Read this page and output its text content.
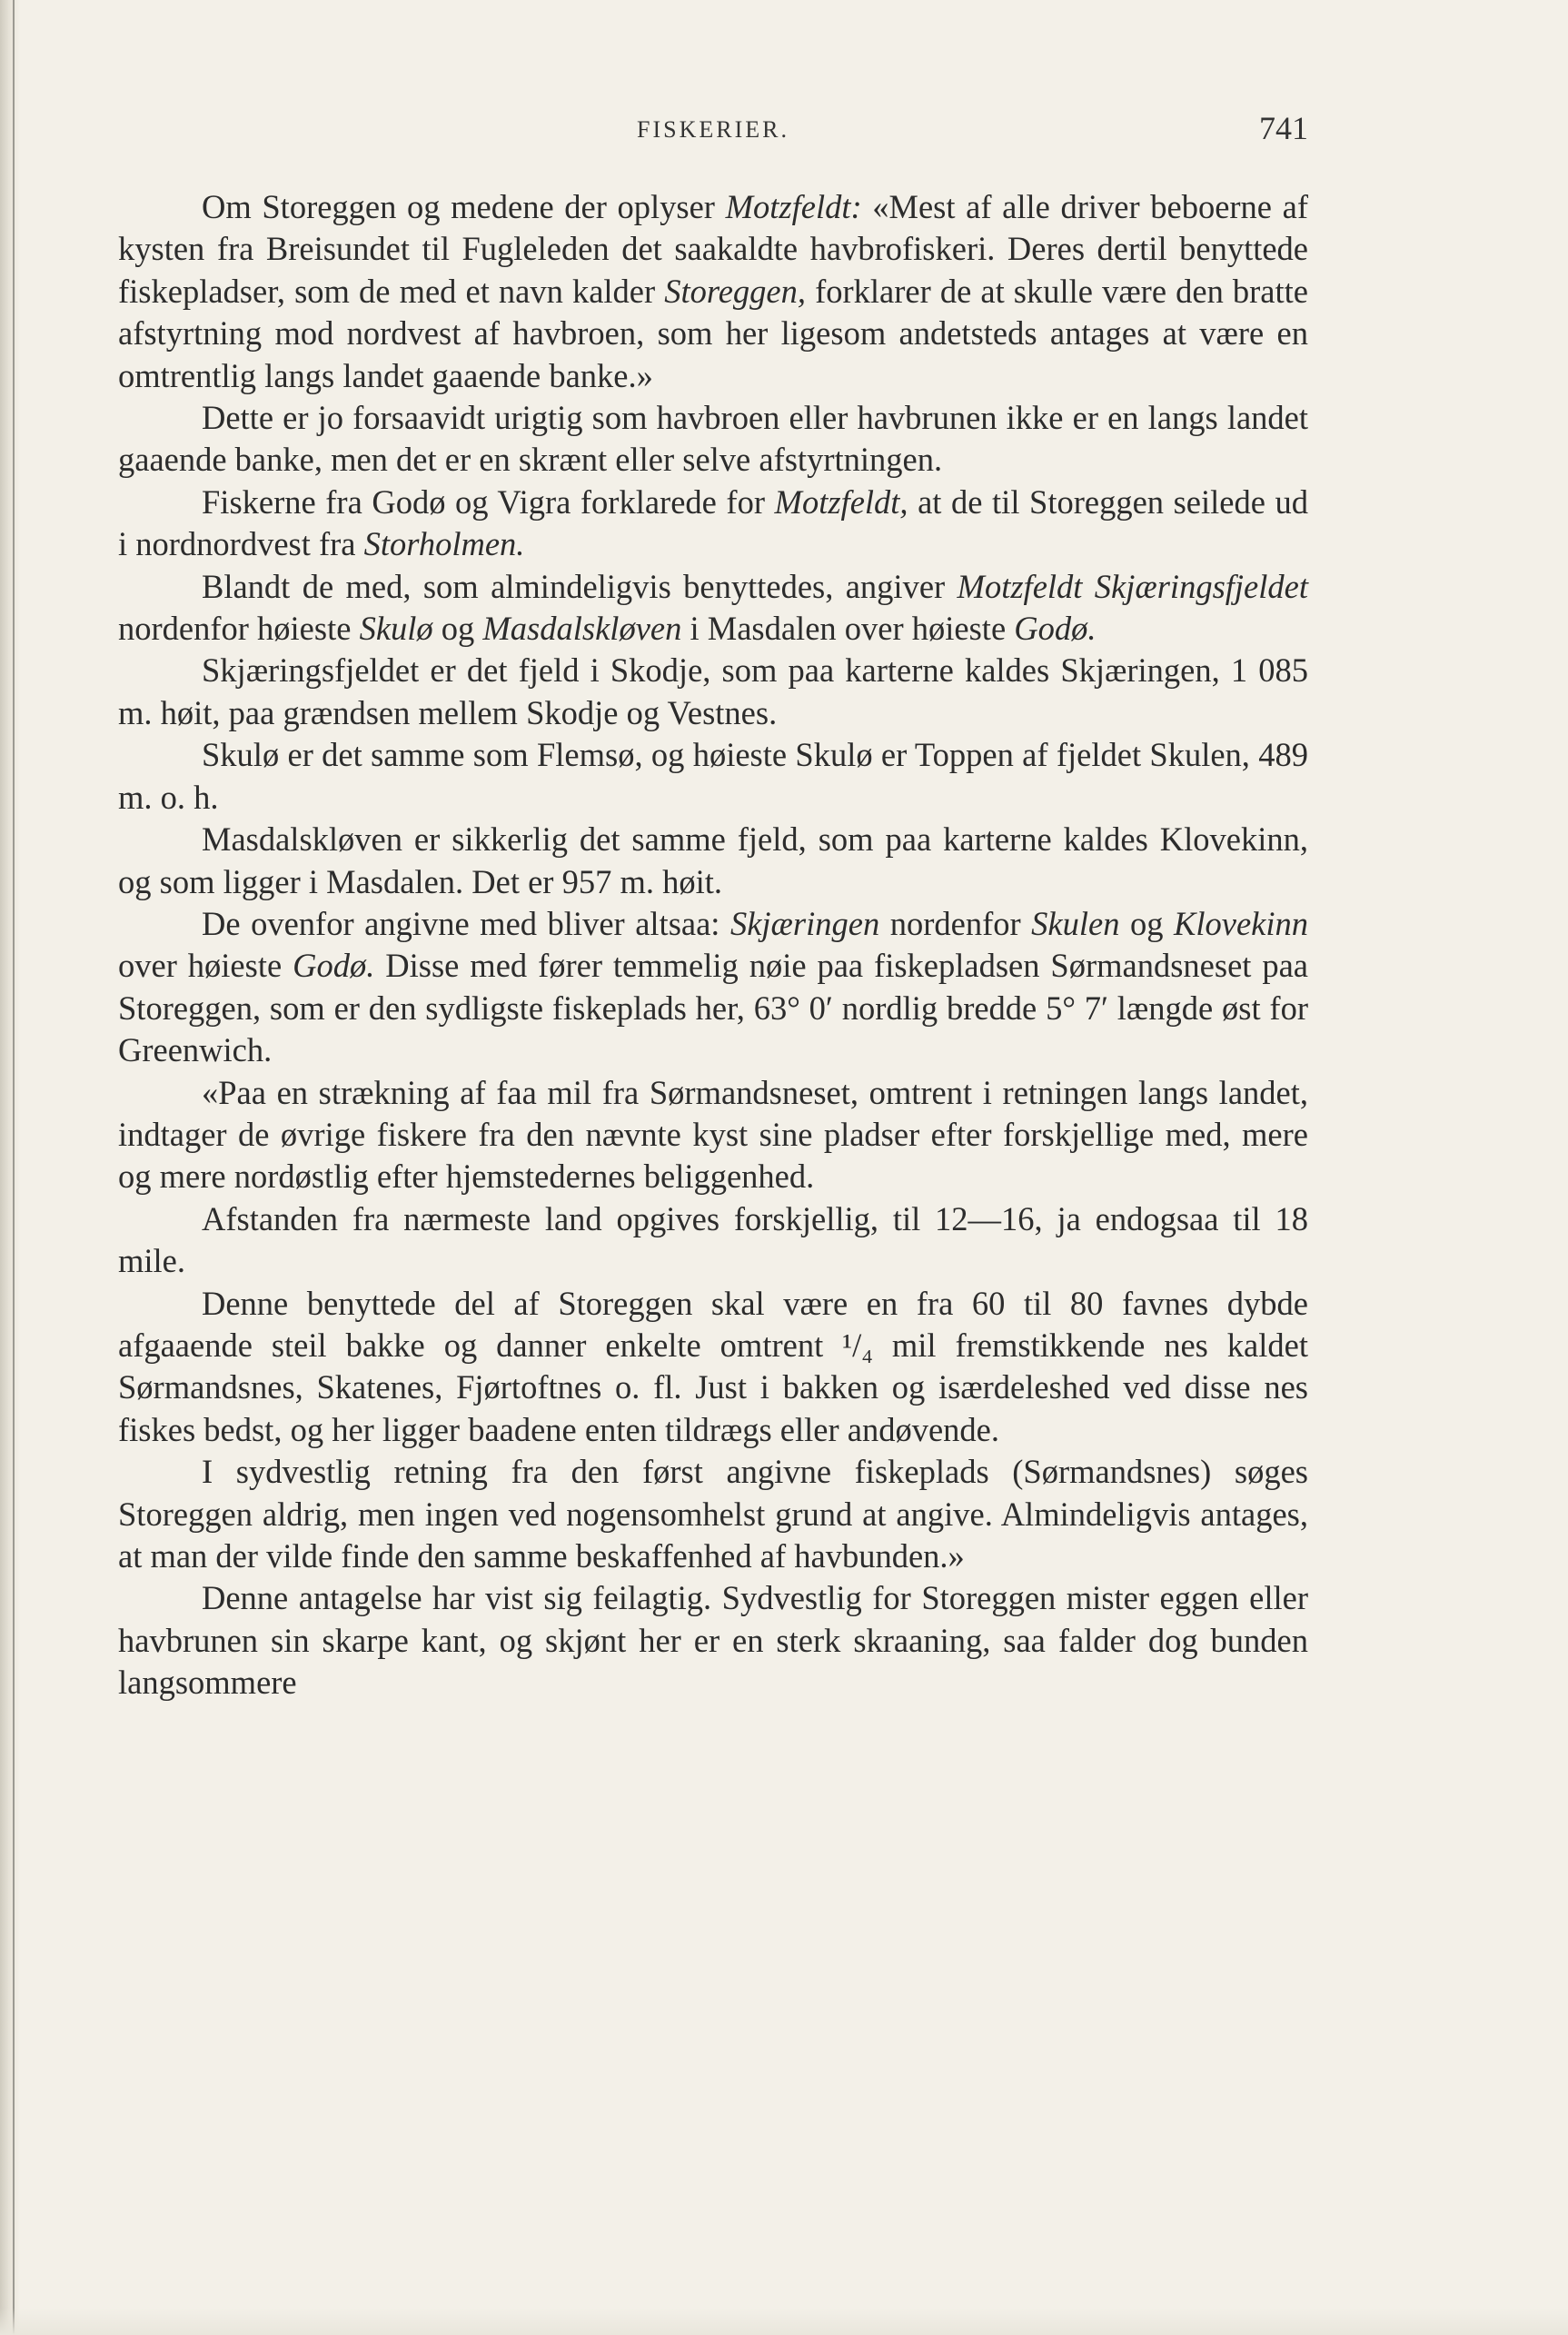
FISKERIER.	741

Om Storeggen og medene der oplyser Motzfeldt: «Mest af alle driver beboerne af kysten fra Breisundet til Fugleleden det saakaldte havbrofiskeri. Deres dertil benyttede fiskepladser, som de med et navn kalder Storeggen, forklarer de at skulle være den bratte afstyrtning mod nordvest af havbroen, som her ligesom andetsteds antages at være en omtrentlig langs landet gaaende banke.»

Dette er jo forsaavidt urigtig som havbroen eller havbrunen ikke er en langs landet gaaende banke, men det er en skrænt eller selve afstyrtningen.

Fiskerne fra Godø og Vigra forklarede for Motzfeldt, at de til Storeggen seilede ud i nordnordvest fra Storholmen.

Blandt de med, som almindeligvis benyttedes, angiver Motzfeldt Skjæringsfjeldet nordenfor høieste Skulø og Masdalskløven i Masdalen over høieste Godø.

Skjæringsfjeldet er det fjeld i Skodje, som paa karterne kaldes Skjæringen, 1 085 m. høit, paa grændsen mellem Skodje og Vestnes.

Skulø er det samme som Flemsø, og høieste Skulø er Toppen af fjeldet Skulen, 489 m. o. h.

Masdalskløven er sikkerlig det samme fjeld, som paa karterne kaldes Klovekinn, og som ligger i Masdalen. Det er 957 m. høit.

De ovenfor angivne med bliver altsaa: Skjæringen nordenfor Skulen og Klovekinn over høieste Godø. Disse med fører temmelig nøie paa fiskepladsen Sørmandsneset paa Storeggen, som er den sydligste fiskeplads her, 63° 0′ nordlig bredde 5° 7′ længde øst for Greenwich.

«Paa en strækning af faa mil fra Sørmandsneset, omtrent i retningen langs landet, indtager de øvrige fiskere fra den nævnte kyst sine pladser efter forskjellige med, mere og mere nordøstlig efter hjemstedernes beliggenhed.

Afstanden fra nærmeste land opgives forskjellig, til 12—16, ja endogsaa til 18 mile.

Denne benyttede del af Storeggen skal være en fra 60 til 80 favnes dybde afgaaende steil bakke og danner enkelte omtrent ¹/₄ mil fremstikkende nes kaldet Sørmandsnes, Skatenes, Fjørtoftnes o. fl. Just i bakken og isærdeleshed ved disse nes fiskes bedst, og her ligger baadene enten tildrægs eller andøvende.

I sydvestlig retning fra den først angivne fiskeplads (Sørmandsnes) søges Storeggen aldrig, men ingen ved nogensomhelst grund at angive. Almindeligvis antages, at man der vilde finde den samme beskaffenhed af havbunden.»

Denne antagelse har vist sig feilagtig. Sydvestlig for Storeggen mister eggen eller havbrunen sin skarpe kant, og skjønt her er en sterk skraaning, saa falder dog bunden langsommere
